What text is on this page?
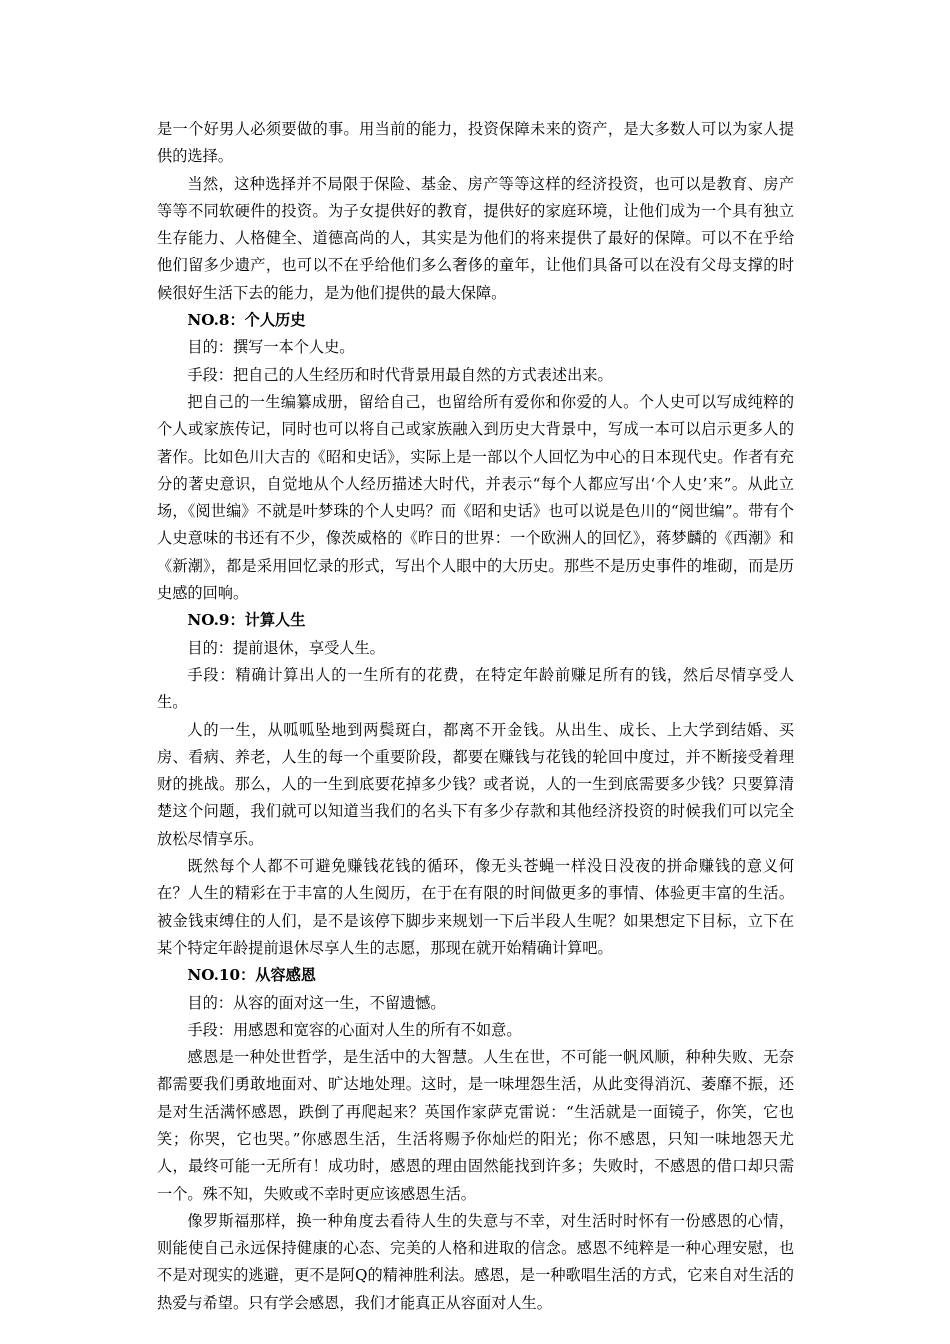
是一个好男人必须要做的事。用当前的能力，投资保障未来的资产，是大多数人可以为家人提供的选择。

当然，这种选择并不局限于保险、基金、房产等等这样的经济投资，也可以是教育、房产等等不同软硬件的投资。为子女提供好的教育，提供好的家庭环境，让他们成为一个具有独立生存能力、人格健全、道德高尚的人，其实是为他们的将来提供了最好的保障。可以不在乎给他们留多少遗产，也可以不在乎给他们多么奢侈的童年，让他们具备可以在没有父母支撑的时候很好生活下去的能力，是为他们提供的最大保障。

NO.8：个人历史

目的：撰写一本个人史。

手段：把自己的人生经历和时代背景用最自然的方式表述出来。

把自己的一生编纂成册，留给自己，也留给所有爱你和你爱的人。个人史可以写成纯粹的个人或家族传记，同时也可以将自己或家族融入到历史大背景中，写成一本可以启示更多人的著作。比如色川大吉的《昭和史话》，实际上是一部以个人回忆为中心的日本现代史。作者有充分的著史意识，自觉地从个人经历描述大时代，并表示“每个人都应写出‘个人史’来”。从此立场，《阅世编》不就是叶梦珠的个人史吗？而《昭和史话》也可以说是色川的“阅世编”。带有个人史意味的书还有不少，像茨威格的《昨日的世界：一个欧洲人的回忆》，蒋梦麟的《西潮》和《新潮》，都是采用回忆录的形式，写出个人眼中的大历史。那些不是历史事件的堆砌，而是历史感的回响。

NO.9：计算人生

目的：提前退休，享受人生。

手段：精确计算出人的一生所有的花费，在特定年龄前赚足所有的钱，然后尽情享受人生。

人的一生，从呱呱坠地到两鬓斑白，都离不开金钱。从出生、成长、上大学到结婚、买房、看病、养老，人生的每一个重要阶段，都要在赚钱与花钱的轮回中度过，并不断接受着理财的挑战。那么，人的一生到底要花掉多少钱？或者说，人的一生到底需要多少钱？只要算清楚这个问题，我们就可以知道当我们的名头下有多少存款和其他经济投资的时候我们可以完全放松尽情享乐。

既然每个人都不可避免赚钱花钱的循环，像无头苍蝇一样没日没夜的拼命赚钱的意义何在？人生的精彩在于丰富的人生阅历，在于在有限的时间做更多的事情、体验更丰富的生活。被金钱束缚住的人们，是不是该停下脚步来规划一下后半段人生呢？如果想定下目标，立下在某个特定年龄提前退休尽享人生的志愿，那现在就开始精确计算吧。

NO.10：从容感恩

目的：从容的面对这一生，不留遗憾。

手段：用感恩和宽容的心面对人生的所有不如意。

感恩是一种处世哲学，是生活中的大智慧。人生在世，不可能一帆风顺，种种失败、无奈都需要我们勇敢地面对、旷达地处理。这时，是一味埋怨生活，从此变得消沉、萎靡不振，还是对生活满怀感恩，跌倒了再爬起来？英国作家萨克雷说：“生活就是一面镜子，你笑，它也笑；你哭，它也哭。”你感恩生活，生活将赐予你灿烂的阳光；你不感恩，只知一味地怨天尤人，最终可能一无所有！成功时，感恩的理由固然能找到许多；失败时，不感恩的借口却只需一个。殊不知，失败或不幸时更应该感恩生活。

像罗斯福那样，换一种角度去看待人生的失意与不幸，对生活时时怀有一份感恩的心情，则能使自己永远保持健康的心态、完美的人格和进取的信念。感恩不纯粹是一种心理安慰，也不是对现实的逃避，更不是阿Q的精神胜利法。感恩，是一种歌唱生活的方式，它来自对生活的热爱与希望。只有学会感恩，我们才能真正从容面对人生。
